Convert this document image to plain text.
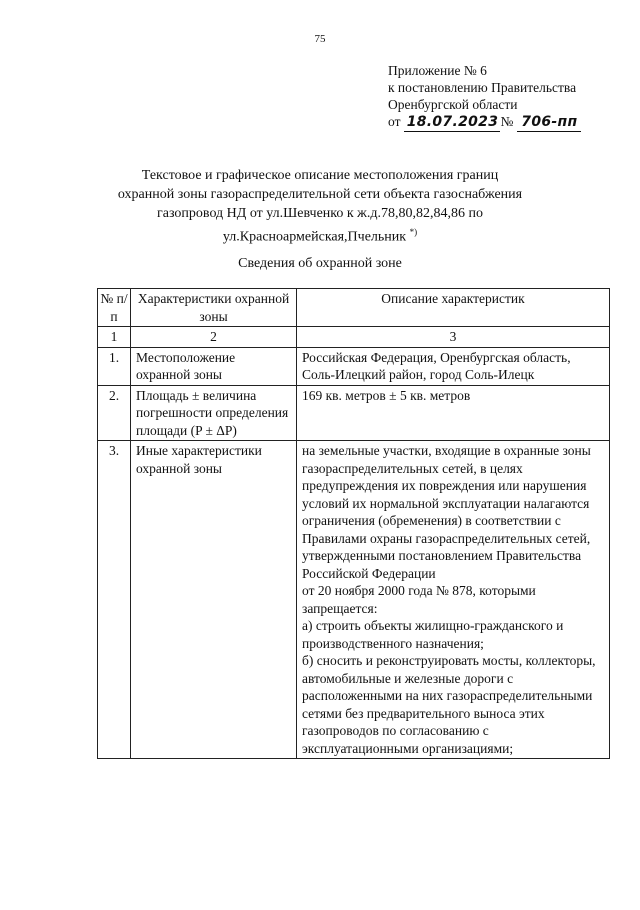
75
Приложение № 6
к постановлению Правительства
Оренбургской области
от 18.07.2023 № 706-пп
Текстовое и графическое описание местоположения границ
охранной зоны газораспределительной сети объекта газоснабжения
газопровод НД от ул.Шевченко к ж.д.78,80,82,84,86 по
ул.Красноармейская,Пчельник *)
Сведения об охранной зоне
№ п/п	Характеристики охранной зоны	Описание характеристик
1	2	3
1.	Местоположение охранной зоны	Российская Федерация, Оренбургская область, Соль-Илецкий район, город Соль-Илецк

2.	Площадь ± величина погрешности определения площади (P ± ΔP)	169 кв. метров ± 5 кв. метров

3.	Иные характеристики охранной зоны	на земельные участки, входящие в охранные зоны газораспределительных сетей, в целях предупреждения их повреждения или нарушения условий их нормальной эксплуатации налагаются ограничения (обременения) в соответствии с Правилами охраны газораспределительных сетей, утвержденными постановлением Правительства Российской Федерации
от 20 ноября 2000 года № 878, которыми запрещается:
а) строить объекты жилищно-гражданского и производственного назначения;
б) сносить и реконструировать мосты, коллекторы, автомобильные и железные дороги с расположенными на них газораспределительными сетями без предварительного выноса этих газопроводов по согласованию с эксплуатационными организациями;
